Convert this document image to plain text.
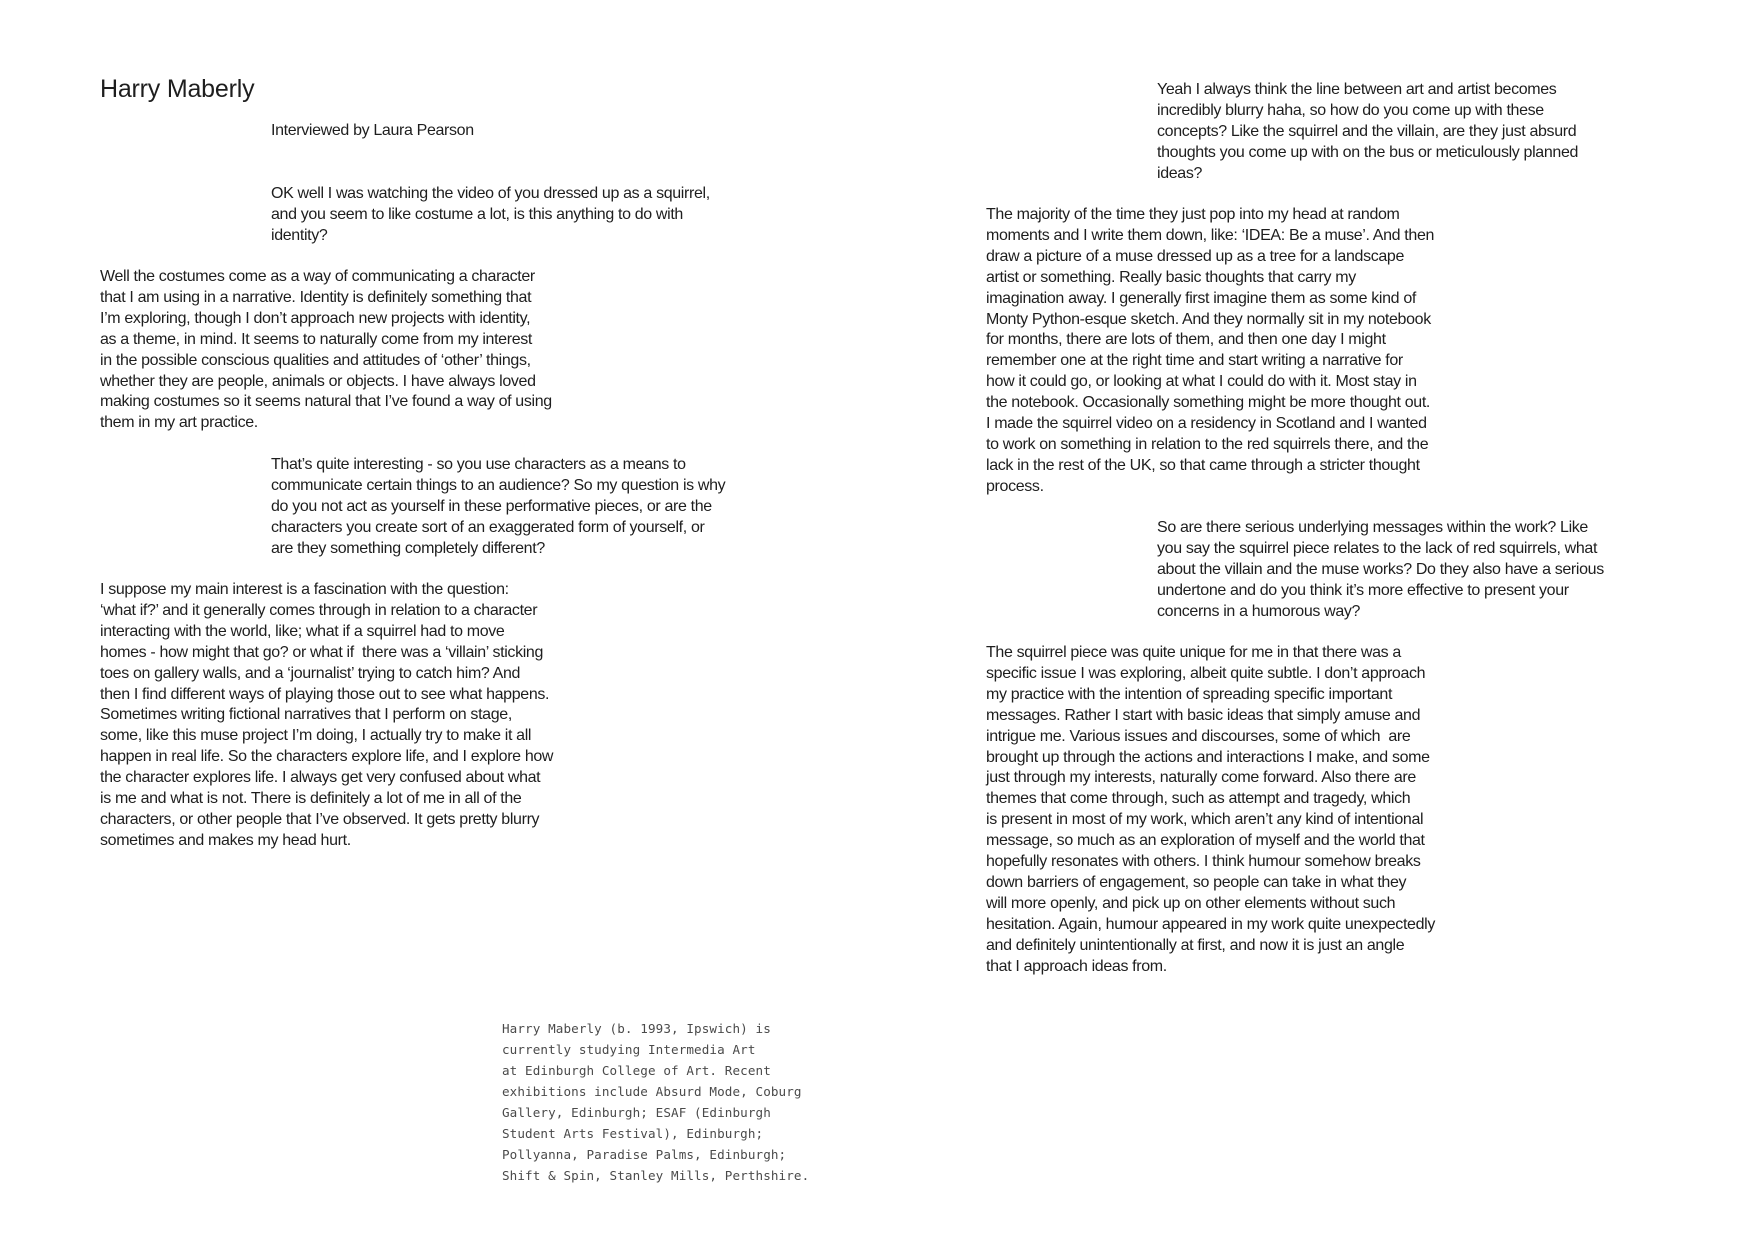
Harry Maberly
Interviewed by Laura Pearson
OK well I was watching the video of you dressed up as a squirrel,
and you seem to like costume a lot, is this anything to do with
identity?
Well the costumes come as a way of communicating a character
that I am using in a narrative. Identity is definitely something that
I’m exploring, though I don’t approach new projects with identity,
as a theme, in mind. It seems to naturally come from my interest
in the possible conscious qualities and attitudes of ‘other’ things,
whether they are people, animals or objects. I have always loved
making costumes so it seems natural that I’ve found a way of using
them in my art practice.
That’s quite interesting - so you use characters as a means to
communicate certain things to an audience? So my question is why
do you not act as yourself in these performative pieces, or are the
characters you create sort of an exaggerated form of yourself, or
are they something completely different?
I suppose my main interest is a fascination with the question:
‘what if?’ and it generally comes through in relation to a character
interacting with the world, like; what if a squirrel had to move
homes - how might that go? or what if  there was a ‘villain’ sticking
toes on gallery walls, and a ‘journalist’ trying to catch him? And
then I find different ways of playing those out to see what happens.
Sometimes writing fictional narratives that I perform on stage,
some, like this muse project I’m doing, I actually try to make it all
happen in real life. So the characters explore life, and I explore how
the character explores life. I always get very confused about what
is me and what is not. There is definitely a lot of me in all of the
characters, or other people that I’ve observed. It gets pretty blurry
sometimes and makes my head hurt.
Yeah I always think the line between art and artist becomes
incredibly blurry haha, so how do you come up with these
concepts? Like the squirrel and the villain, are they just absurd
thoughts you come up with on the bus or meticulously planned
ideas?
The majority of the time they just pop into my head at random
moments and I write them down, like: ‘IDEA: Be a muse’. And then
draw a picture of a muse dressed up as a tree for a landscape
artist or something. Really basic thoughts that carry my
imagination away. I generally first imagine them as some kind of
Monty Python-esque sketch. And they normally sit in my notebook
for months, there are lots of them, and then one day I might
remember one at the right time and start writing a narrative for
how it could go, or looking at what I could do with it. Most stay in
the notebook. Occasionally something might be more thought out.
I made the squirrel video on a residency in Scotland and I wanted
to work on something in relation to the red squirrels there, and the
lack in the rest of the UK, so that came through a stricter thought
process.
So are there serious underlying messages within the work? Like
you say the squirrel piece relates to the lack of red squirrels, what
about the villain and the muse works? Do they also have a serious
undertone and do you think it’s more effective to present your
concerns in a humorous way?
The squirrel piece was quite unique for me in that there was a
specific issue I was exploring, albeit quite subtle. I don’t approach
my practice with the intention of spreading specific important
messages. Rather I start with basic ideas that simply amuse and
intrigue me. Various issues and discourses, some of which  are
brought up through the actions and interactions I make, and some
just through my interests, naturally come forward. Also there are
themes that come through, such as attempt and tragedy, which
is present in most of my work, which aren’t any kind of intentional
message, so much as an exploration of myself and the world that
hopefully resonates with others. I think humour somehow breaks
down barriers of engagement, so people can take in what they
will more openly, and pick up on other elements without such
hesitation. Again, humour appeared in my work quite unexpectedly
and definitely unintentionally at first, and now it is just an angle
that I approach ideas from.
Harry Maberly (b. 1993, Ipswich) is
currently studying Intermedia Art
at Edinburgh College of Art. Recent
exhibitions include Absurd Mode, Coburg
Gallery, Edinburgh; ESAF (Edinburgh
Student Arts Festival), Edinburgh;
Pollyanna, Paradise Palms, Edinburgh;
Shift & Spin, Stanley Mills, Perthshire.
